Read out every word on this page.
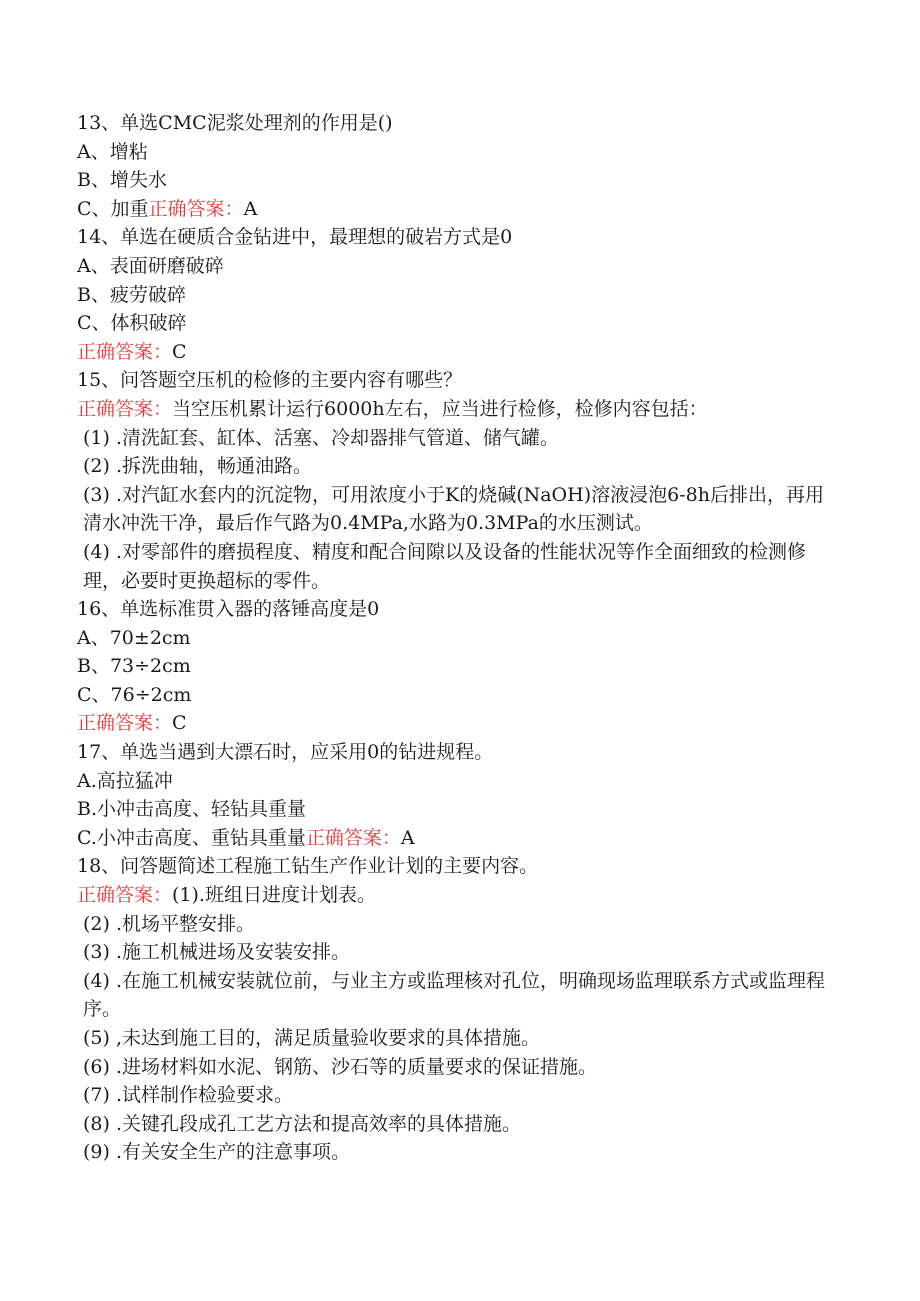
13、单选CMC泥浆处理剂的作用是()
A、增粘
B、增失水
C、加重正确答案：A
14、单选在硬质合金钻进中，最理想的破岩方式是0
A、表面研磨破碎
B、疲劳破碎
C、体积破碎
正确答案：C
15、问答题空压机的检修的主要内容有哪些？
正确答案：当空压机累计运行6000h左右，应当进行检修，检修内容包括：
(1) .清洗缸套、缸体、活塞、冷却器排气管道、储气罐。
(2) .拆洗曲轴，畅通油路。
(3) .对汽缸水套内的沉淀物，可用浓度小于K的烧碱(NaOH)溶液浸泡6-8h后排出，再用清水冲洗干净，最后作气路为0.4MPa,水路为0.3MPa的水压测试。
(4) .对零部件的磨损程度、精度和配合间隙以及设备的性能状况等作全面细致的检测修理，必要时更换超标的零件。
16、单选标准贯入器的落锤高度是0
A、70±2cm
B、73÷2cm
C、76÷2cm
正确答案：C
17、单选当遇到大漂石时，应采用0的钻进规程。
A.高拉猛冲
B.小冲击高度、轻钻具重量
C.小冲击高度、重钻具重量正确答案：A
18、问答题简述工程施工钻生产作业计划的主要内容。
正确答案：(1).班组日进度计划表。
(2) .机场平整安排。
(3) .施工机械进场及安装安排。
(4) .在施工机械安装就位前，与业主方或监理核对孔位，明确现场监理联系方式或监理程序。
(5) ,未达到施工目的，满足质量验收要求的具体措施。
(6) .进场材料如水泥、钢筋、沙石等的质量要求的保证措施。
(7) .试样制作检验要求。
(8) .关键孔段成孔工艺方法和提高效率的具体措施。
(9) .有关安全生产的注意事项。
